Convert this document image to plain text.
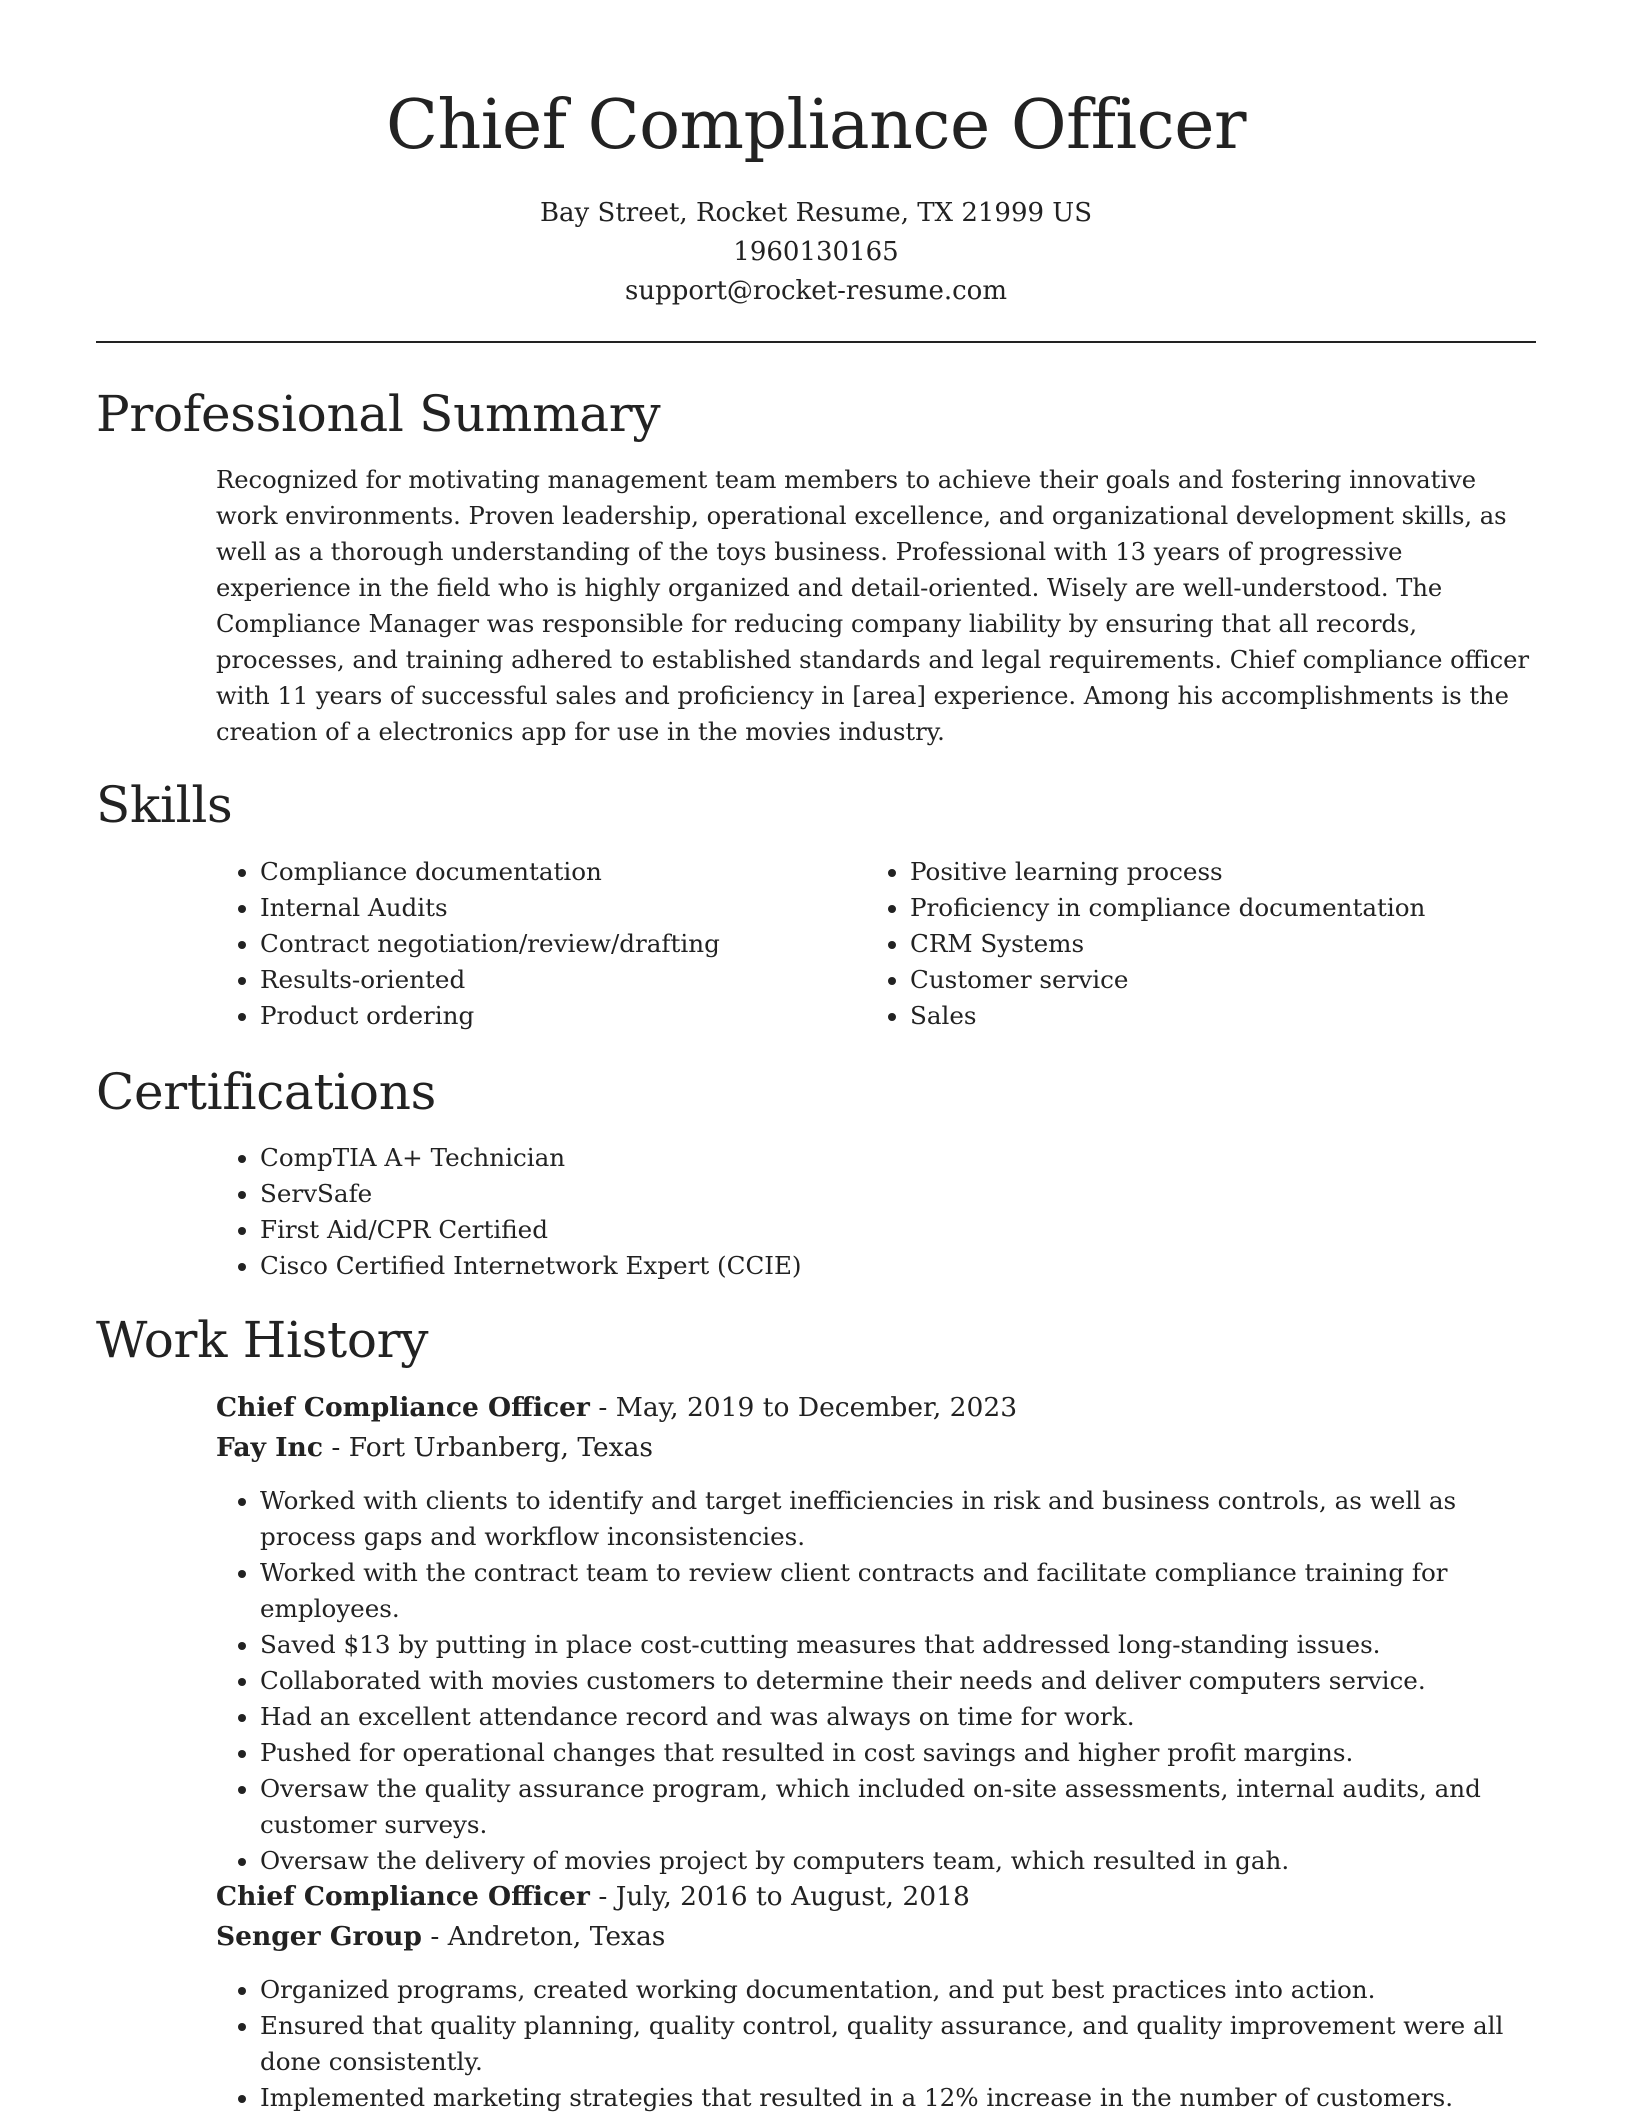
Chief Compliance Officer
Bay Street, Rocket Resume, TX 21999 US
1960130165
support@rocket-resume.com
Professional Summary
Recognized for motivating management team members to achieve their goals and fostering innovative work environments. Proven leadership, operational excellence, and organizational development skills, as well as a thorough understanding of the toys business. Professional with 13 years of progressive experience in the field who is highly organized and detail-oriented. Wisely are well-understood. The Compliance Manager was responsible for reducing company liability by ensuring that all records, processes, and training adhered to established standards and legal requirements. Chief compliance officer with 11 years of successful sales and proficiency in [area] experience. Among his accomplishments is the creation of a electronics app for use in the movies industry.
Skills
• Compliance documentation
• Internal Audits
• Contract negotiation/review/drafting
• Results-oriented
• Product ordering
• Positive learning process
• Proficiency in compliance documentation
• CRM Systems
• Customer service
• Sales
Certifications
• CompTIA A+ Technician
• ServSafe
• First Aid/CPR Certified
• Cisco Certified Internetwork Expert (CCIE)
Work History
Chief Compliance Officer - May, 2019 to December, 2023
Fay Inc - Fort Urbanberg, Texas
• Worked with clients to identify and target inefficiencies in risk and business controls, as well as process gaps and workflow inconsistencies.
• Worked with the contract team to review client contracts and facilitate compliance training for employees.
• Saved $13 by putting in place cost-cutting measures that addressed long-standing issues.
• Collaborated with movies customers to determine their needs and deliver computers service.
• Had an excellent attendance record and was always on time for work.
• Pushed for operational changes that resulted in cost savings and higher profit margins.
• Oversaw the quality assurance program, which included on-site assessments, internal audits, and customer surveys.
• Oversaw the delivery of movies project by computers team, which resulted in gah.
Chief Compliance Officer - July, 2016 to August, 2018
Senger Group - Andreton, Texas
• Organized programs, created working documentation, and put best practices into action.
• Ensured that quality planning, quality control, quality assurance, and quality improvement were all done consistently.
• Implemented marketing strategies that resulted in a 12% increase in the number of customers.
